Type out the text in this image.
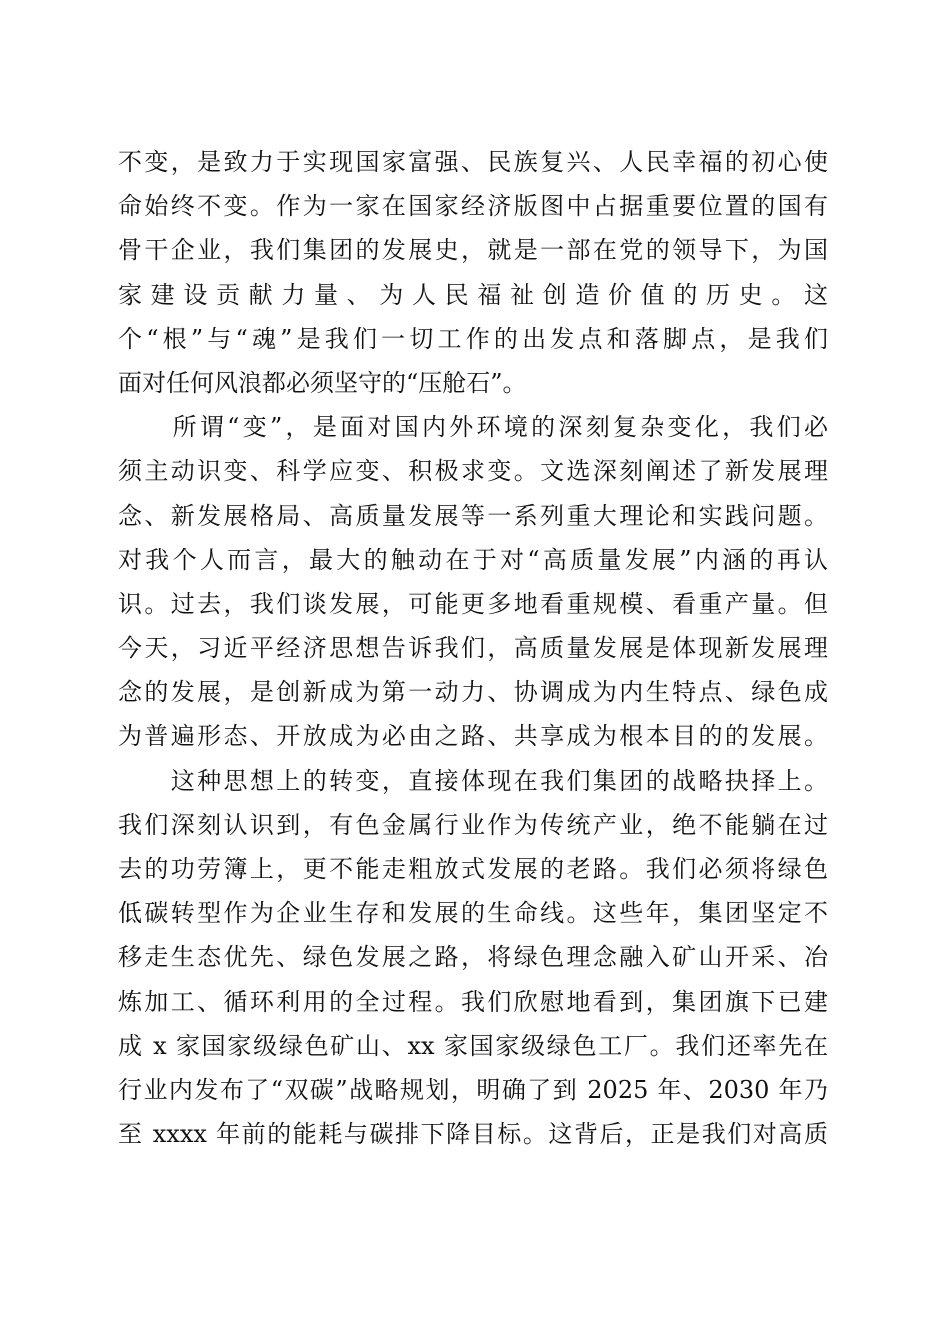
不变，是致力于实现国家富强、民族复兴、人民幸福的初心使
命始终不变。作为一家在国家经济版图中占据重要位置的国有
骨干企业，我们集团的发展史，就是一部在党的领导下，为国
家建设贡献力量、为人民福祉创造价值的历史。这
个“根”与“魂”是我们一切工作的出发点和落脚点，是我们
面对任何风浪都必须坚守的“压舱石”。
　　所谓“变”，是面对国内外环境的深刻复杂变化，我们必
须主动识变、科学应变、积极求变。文选深刻阐述了新发展理
念、新发展格局、高质量发展等一系列重大理论和实践问题。
对我个人而言，最大的触动在于对“高质量发展”内涵的再认
识。过去，我们谈发展，可能更多地看重规模、看重产量。但
今天，习近平经济思想告诉我们，高质量发展是体现新发展理
念的发展，是创新成为第一动力、协调成为内生特点、绿色成
为普遍形态、开放成为必由之路、共享成为根本目的的发展。
　　这种思想上的转变，直接体现在我们集团的战略抉择上。
我们深刻认识到，有色金属行业作为传统产业，绝不能躺在过
去的功劳簿上，更不能走粗放式发展的老路。我们必须将绿色
低碳转型作为企业生存和发展的生命线。这些年，集团坚定不
移走生态优先、绿色发展之路，将绿色理念融入矿山开采、冶
炼加工、循环利用的全过程。我们欣慰地看到，集团旗下已建
成 x 家国家级绿色矿山、xx 家国家级绿色工厂。我们还率先在
行业内发布了“双碳”战略规划，明确了到 2025 年、2030 年乃
至 xxxx 年前的能耗与碳排下降目标。这背后，正是我们对高质
